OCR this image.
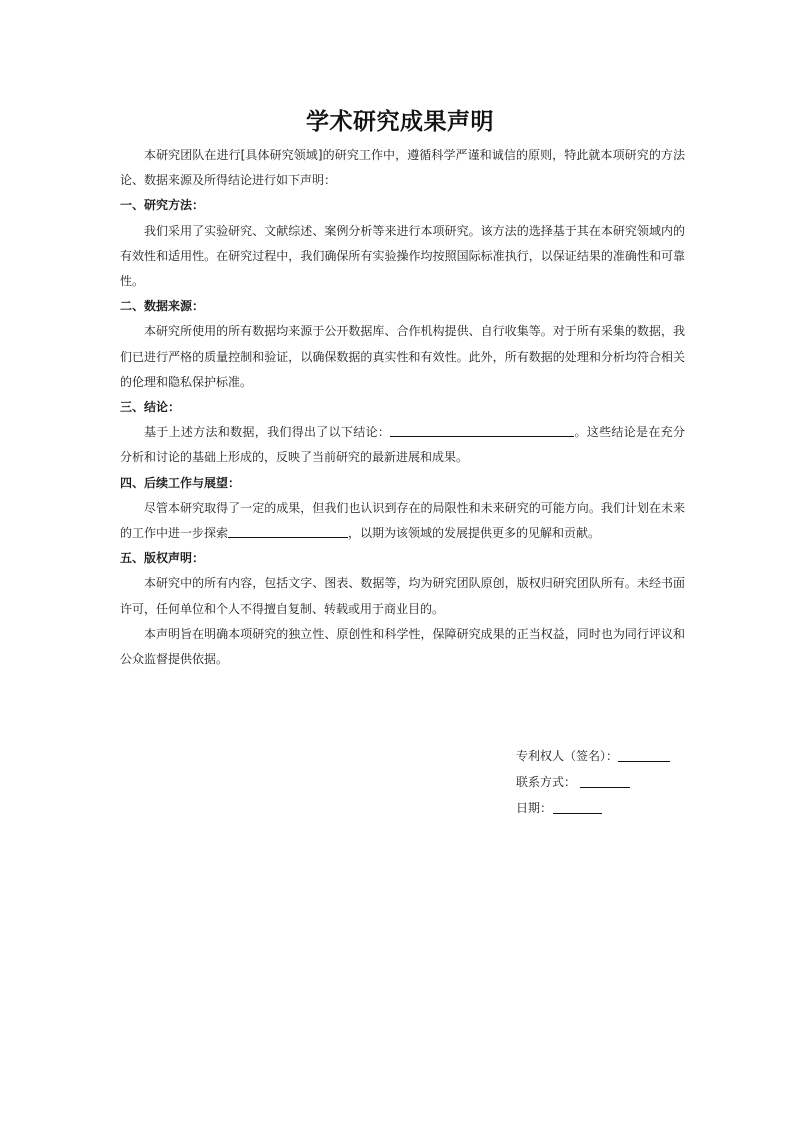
学术研究成果声明

本研究团队在进行[具体研究领域]的研究工作中，遵循科学严谨和诚信的原则，特此就本项研究的方法论、数据来源及所得结论进行如下声明：

一、研究方法：

我们采用了实验研究、文献综述、案例分析等来进行本项研究。该方法的选择基于其在本研究领域内的有效性和适用性。在研究过程中，我们确保所有实验操作均按照国际标准执行，以保证结果的准确性和可靠性。

二、数据来源：

本研究所使用的所有数据均来源于公开数据库、合作机构提供、自行收集等。对于所有采集的数据，我们已进行严格的质量控制和验证，以确保数据的真实性和有效性。此外，所有数据的处理和分析均符合相关的伦理和隐私保护标准。

三、结论：

基于上述方法和数据，我们得出了以下结论：	。这些结论是在充分分析和讨论的基础上形成的，反映了当前研究的最新进展和成果。

四、后续工作与展望：

尽管本研究取得了一定的成果，但我们也认识到存在的局限性和未来研究的可能方向。我们计划在未来的工作中进一步探索	，以期为该领域的发展提供更多的见解和贡献。

五、版权声明：

本研究中的所有内容，包括文字、图表、数据等，均为研究团队原创，版权归研究团队所有。未经书面许可，任何单位和个人不得擅自复制、转载或用于商业目的。

本声明旨在明确本项研究的独立性、原创性和科学性，保障研究成果的正当权益，同时也为同行评议和公众监督提供依据。

专利权人（签名）：
联系方式：
日期：
